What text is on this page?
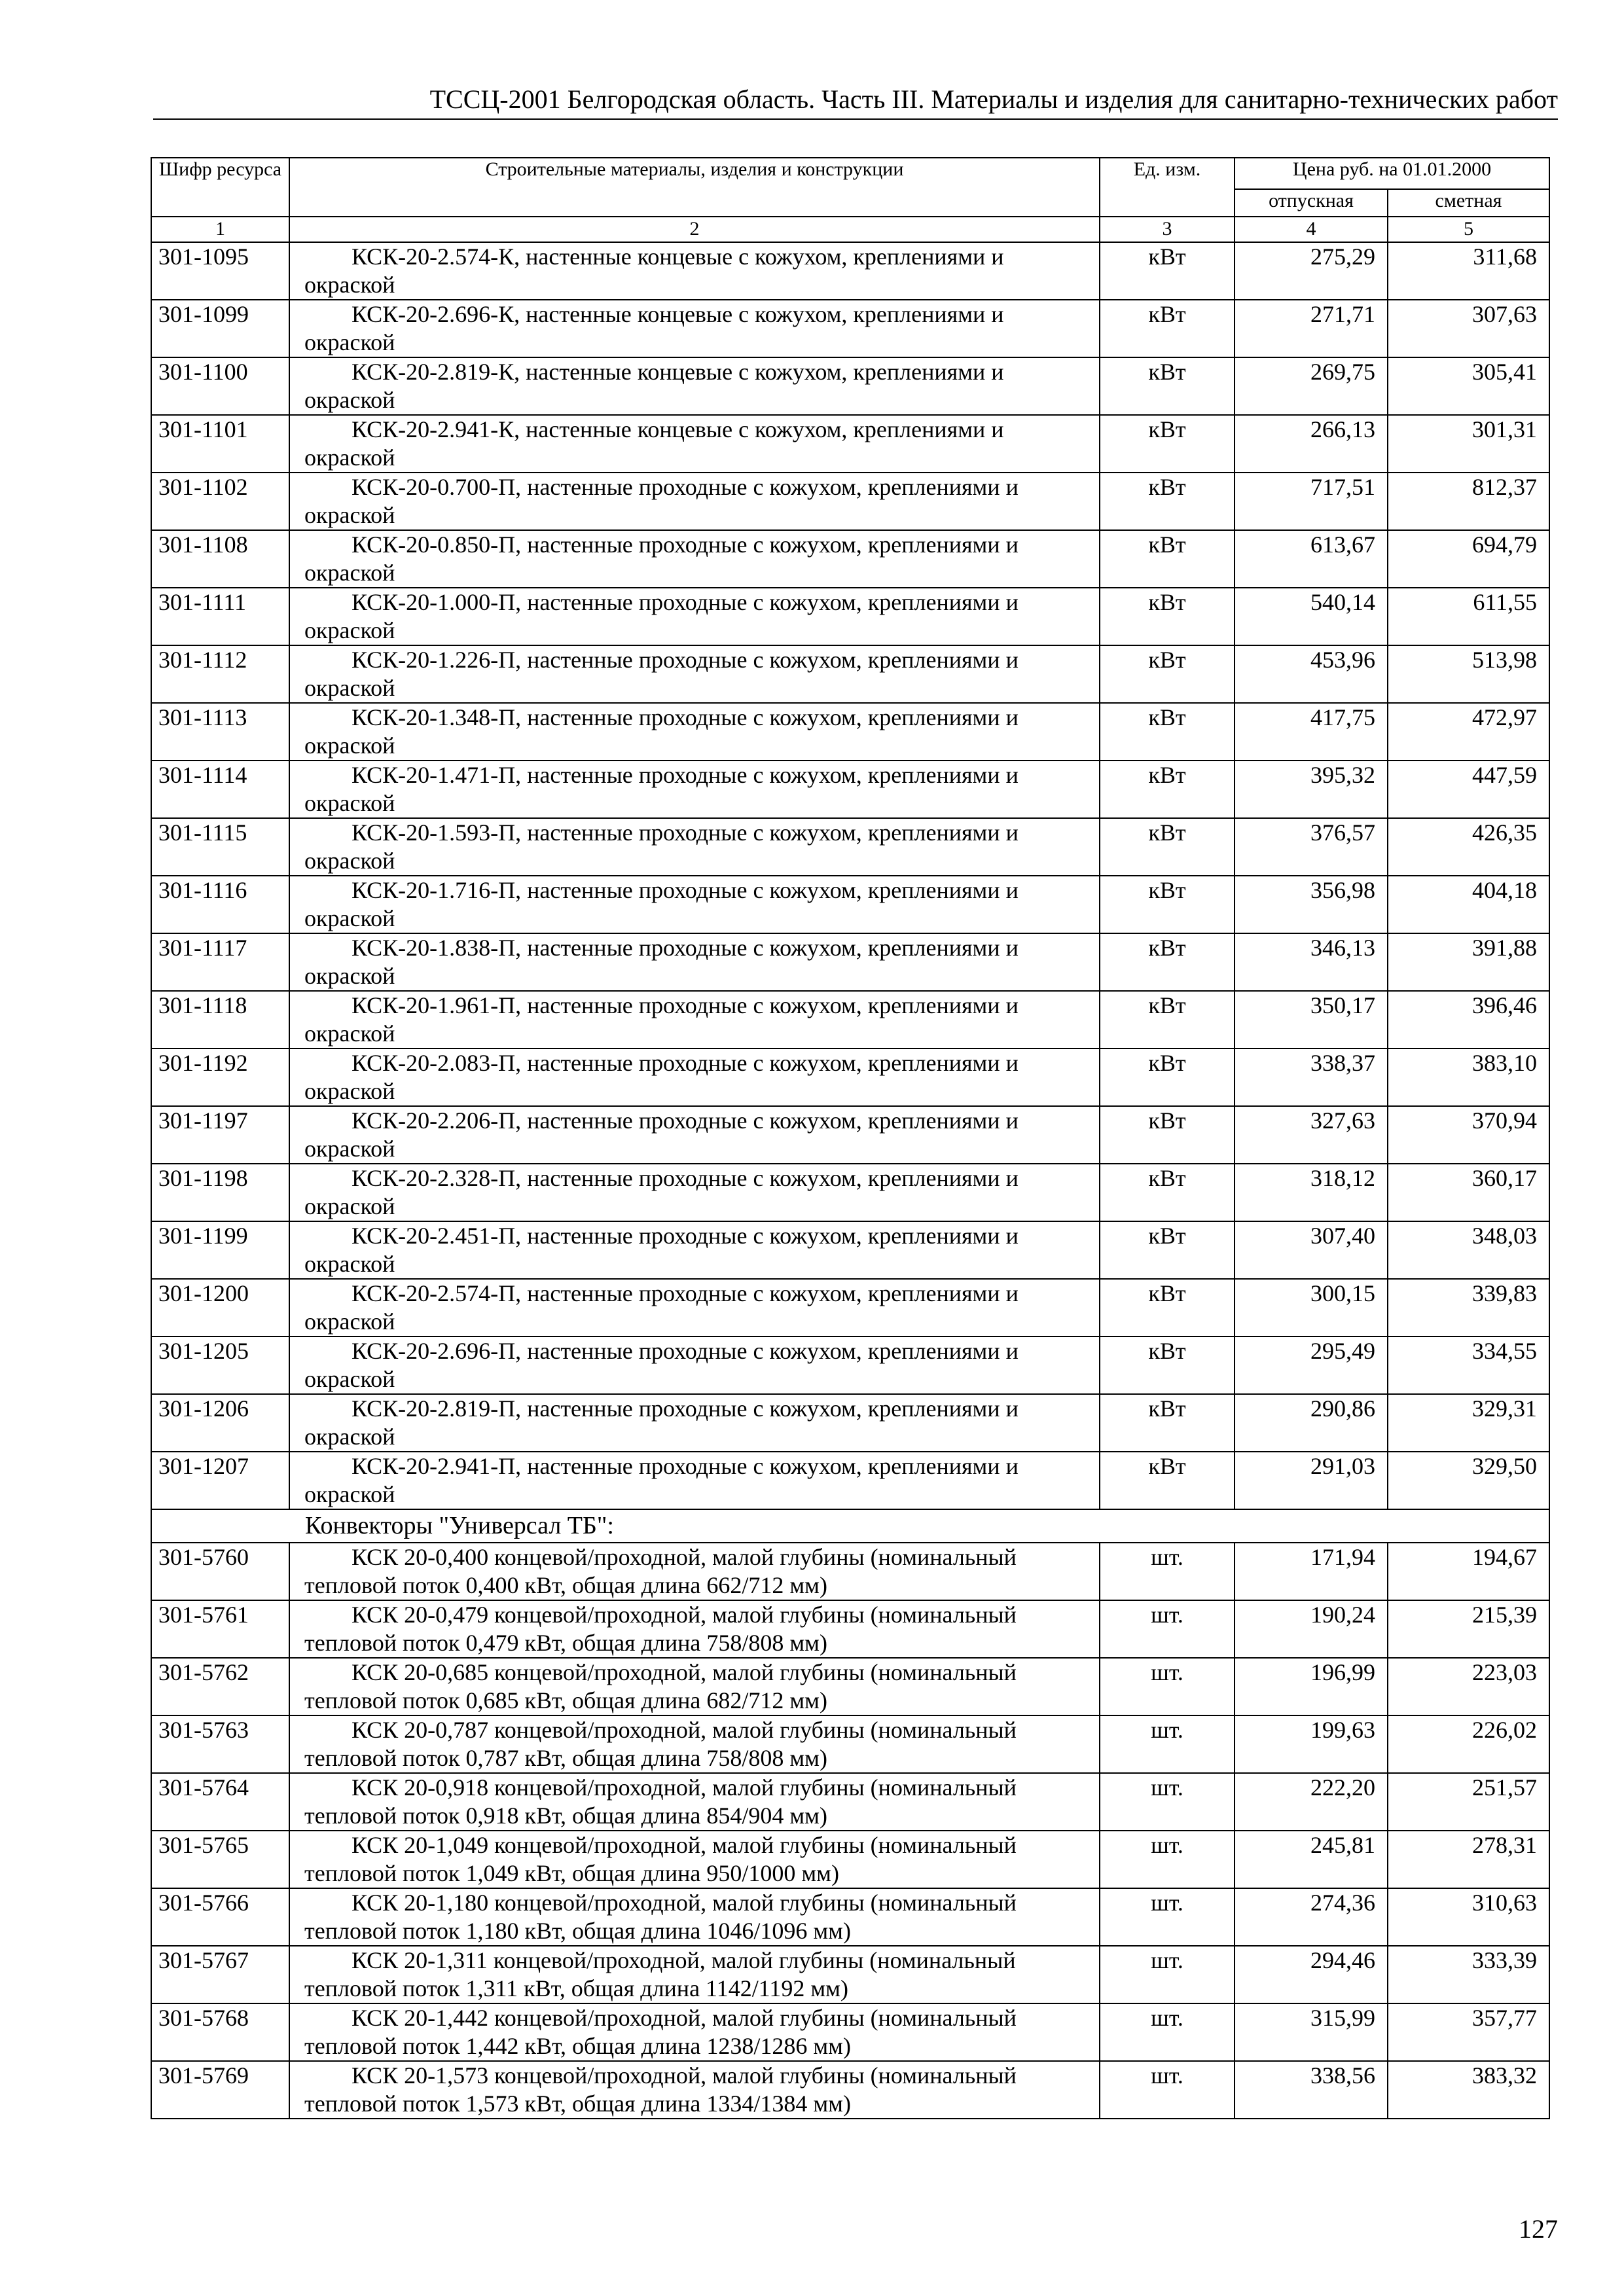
ТССЦ-2001 Белгородская область. Часть III. Материалы и изделия для санитарно-технических работ
Шифр ресурса	Строительные материалы, изделия и конструкции	Ед. изм.	Цена руб. на 01.01.2000	
			отпускная	сметная
1	2	3	4	5
301-1095	КСК-20-2.574-К, настенные концевые с кожухом, креплениями и окраской	кВт	275,29	311,68
301-1099	КСК-20-2.696-К, настенные концевые с кожухом, креплениями и окраской	кВт	271,71	307,63
301-1100	КСК-20-2.819-К, настенные концевые с кожухом, креплениями и окраской	кВт	269,75	305,41
301-1101	КСК-20-2.941-К, настенные концевые с кожухом, креплениями и окраской	кВт	266,13	301,31
301-1102	КСК-20-0.700-П, настенные проходные с кожухом, креплениями и окраской	кВт	717,51	812,37
301-1108	КСК-20-0.850-П, настенные проходные с кожухом, креплениями и окраской	кВт	613,67	694,79
301-1111	КСК-20-1.000-П, настенные проходные с кожухом, креплениями и окраской	кВт	540,14	611,55
301-1112	КСК-20-1.226-П, настенные проходные с кожухом, креплениями и окраской	кВт	453,96	513,98
301-1113	КСК-20-1.348-П, настенные проходные с кожухом, креплениями и окраской	кВт	417,75	472,97
301-1114	КСК-20-1.471-П, настенные проходные с кожухом, креплениями и окраской	кВт	395,32	447,59
301-1115	КСК-20-1.593-П, настенные проходные с кожухом, креплениями и окраской	кВт	376,57	426,35
301-1116	КСК-20-1.716-П, настенные проходные с кожухом, креплениями и окраской	кВт	356,98	404,18
301-1117	КСК-20-1.838-П, настенные проходные с кожухом, креплениями и окраской	кВт	346,13	391,88
301-1118	КСК-20-1.961-П, настенные проходные с кожухом, креплениями и окраской	кВт	350,17	396,46
301-1192	КСК-20-2.083-П, настенные проходные с кожухом, креплениями и окраской	кВт	338,37	383,10
301-1197	КСК-20-2.206-П, настенные проходные с кожухом, креплениями и окраской	кВт	327,63	370,94
301-1198	КСК-20-2.328-П, настенные проходные с кожухом, креплениями и окраской	кВт	318,12	360,17
301-1199	КСК-20-2.451-П, настенные проходные с кожухом, креплениями и окраской	кВт	307,40	348,03
301-1200	КСК-20-2.574-П, настенные проходные с кожухом, креплениями и окраской	кВт	300,15	339,83
301-1205	КСК-20-2.696-П, настенные проходные с кожухом, креплениями и окраской	кВт	295,49	334,55
301-1206	КСК-20-2.819-П, настенные проходные с кожухом, креплениями и окраской	кВт	290,86	329,31
301-1207	КСК-20-2.941-П, настенные проходные с кожухом, креплениями и окраской	кВт	291,03	329,50
Конвекторы "Универсал ТБ":				
301-5760	КСК 20-0,400 концевой/проходной, малой глубины (номинальный тепловой поток 0,400 кВт, общая длина 662/712 мм)	шт.	171,94	194,67
301-5761	КСК 20-0,479 концевой/проходной, малой глубины (номинальный тепловой поток 0,479 кВт, общая длина 758/808 мм)	шт.	190,24	215,39
301-5762	КСК 20-0,685 концевой/проходной, малой глубины (номинальный тепловой поток 0,685 кВт, общая длина 682/712 мм)	шт.	196,99	223,03
301-5763	КСК 20-0,787 концевой/проходной, малой глубины (номинальный тепловой поток 0,787 кВт, общая длина 758/808 мм)	шт.	199,63	226,02
301-5764	КСК 20-0,918 концевой/проходной, малой глубины (номинальный тепловой поток 0,918 кВт, общая длина 854/904 мм)	шт.	222,20	251,57
301-5765	КСК 20-1,049 концевой/проходной, малой глубины (номинальный тепловой поток 1,049 кВт, общая длина 950/1000 мм)	шт.	245,81	278,31
301-5766	КСК 20-1,180 концевой/проходной, малой глубины (номинальный тепловой поток 1,180 кВт, общая длина 1046/1096 мм)	шт.	274,36	310,63
301-5767	КСК 20-1,311 концевой/проходной, малой глубины (номинальный тепловой поток 1,311 кВт, общая длина 1142/1192 мм)	шт.	294,46	333,39
301-5768	КСК 20-1,442 концевой/проходной, малой глубины (номинальный тепловой поток 1,442 кВт, общая длина 1238/1286 мм)	шт.	315,99	357,77
301-5769	КСК 20-1,573 концевой/проходной, малой глубины (номинальный тепловой поток 1,573 кВт, общая длина 1334/1384 мм)	шт.	338,56	383,32
127
